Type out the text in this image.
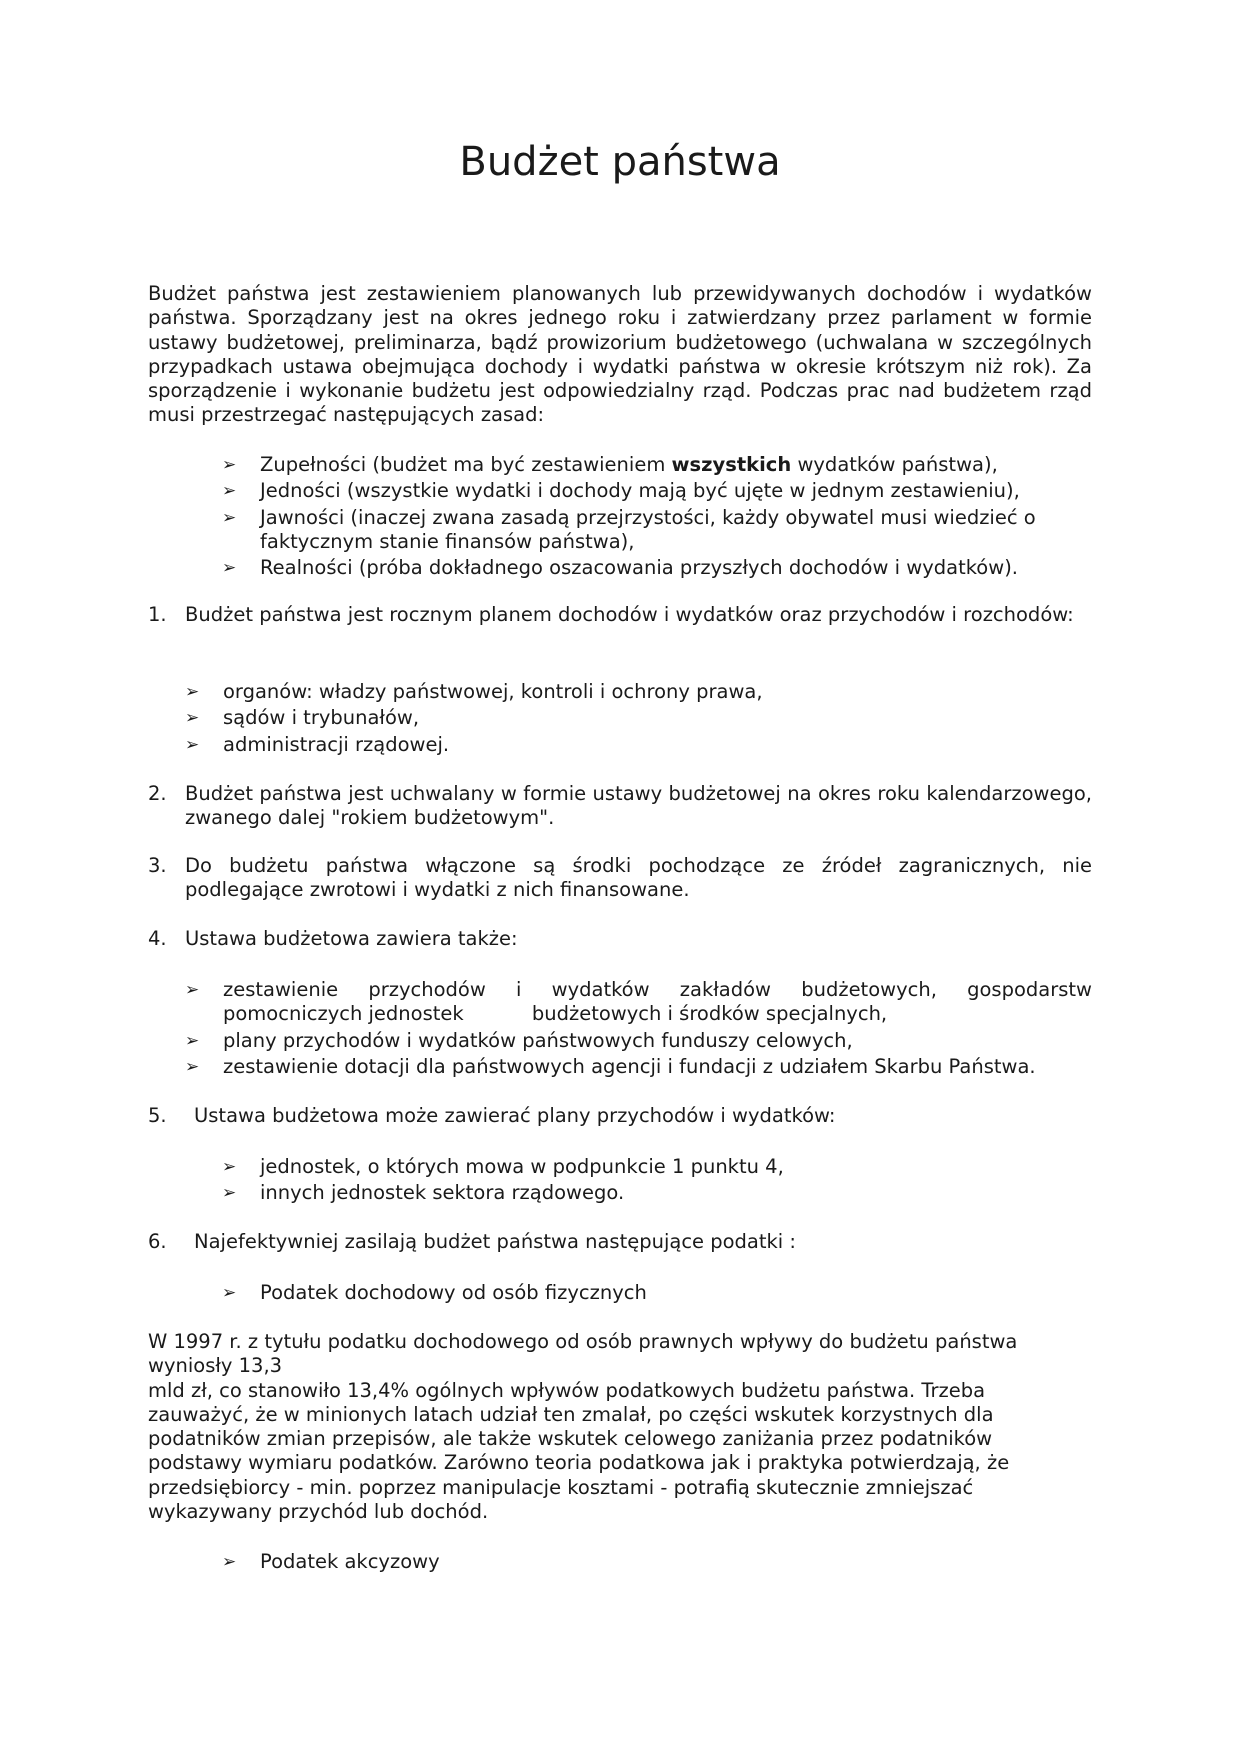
Budżet państwa

Budżet państwa jest zestawieniem planowanych lub przewidywanych dochodów i wydatków państwa. Sporządzany jest na okres jednego roku i zatwierdzany przez parlament w formie ustawy budżetowej, preliminarza, bądź prowizorium budżetowego (uchwalana w szczególnych przypadkach ustawa obejmująca dochody i wydatki państwa w okresie krótszym niż rok). Za sporządzenie i wykonanie budżetu jest odpowiedzialny rząd. Podczas prac nad budżetem rząd musi przestrzegać następujących zasad:

➢	Zupełności (budżet ma być zestawieniem wszystkich wydatków państwa),
➢	Jedności (wszystkie wydatki i dochody mają być ujęte w jednym zestawieniu),
➢	Jawności (inaczej zwana zasadą przejrzystości, każdy obywatel musi wiedzieć o faktycznym stanie finansów państwa),
➢	Realności (próba dokładnego oszacowania przyszłych dochodów i wydatków).
1. Budżet państwa jest rocznym planem dochodów i wydatków oraz przychodów i rozchodów:
➢	organów: władzy państwowej, kontroli i ochrony prawa,
➢	sądów i trybunałów,
➢	administracji rządowej.
2. Budżet państwa jest uchwalany w formie ustawy budżetowej na okres roku kalendarzowego, zwanego dalej "rokiem budżetowym".
3. Do budżetu państwa włączone są środki pochodzące ze źródeł zagranicznych, nie podlegające zwrotowi i wydatki z nich finansowane.
4. Ustawa budżetowa zawiera także:
➢	zestawienie przychodów i wydatków zakładów budżetowych, gospodarstw pomocniczych jednostek           budżetowych i środków specjalnych,
➢	plany przychodów i wydatków państwowych funduszy celowych,
➢	zestawienie dotacji dla państwowych agencji i fundacji z udziałem Skarbu Państwa.
5. Ustawa budżetowa może zawierać plany przychodów i wydatków:
➢	jednostek, o których mowa w podpunkcie 1 punktu 4,
➢	innych jednostek sektora rządowego.
6. Najefektywniej zasilają budżet państwa następujące podatki :
➢	Podatek dochodowy od osób fizycznych
W 1997 r. z tytułu podatku dochodowego od osób prawnych wpływy do budżetu państwa wyniosły 13,3
mld zł, co stanowiło 13,4% ogólnych wpływów podatkowych budżetu państwa. Trzeba zauważyć, że w minionych latach udział ten zmalał, po części wskutek korzystnych dla podatników zmian przepisów, ale także wskutek celowego zaniżania przez podatników podstawy wymiaru podatków. Zarówno teoria podatkowa jak i praktyka potwierdzają, że przedsiębiorcy - min. poprzez manipulacje kosztami - potrafią skutecznie zmniejszać wykazywany przychód lub dochód.
➢	Podatek akcyzowy
